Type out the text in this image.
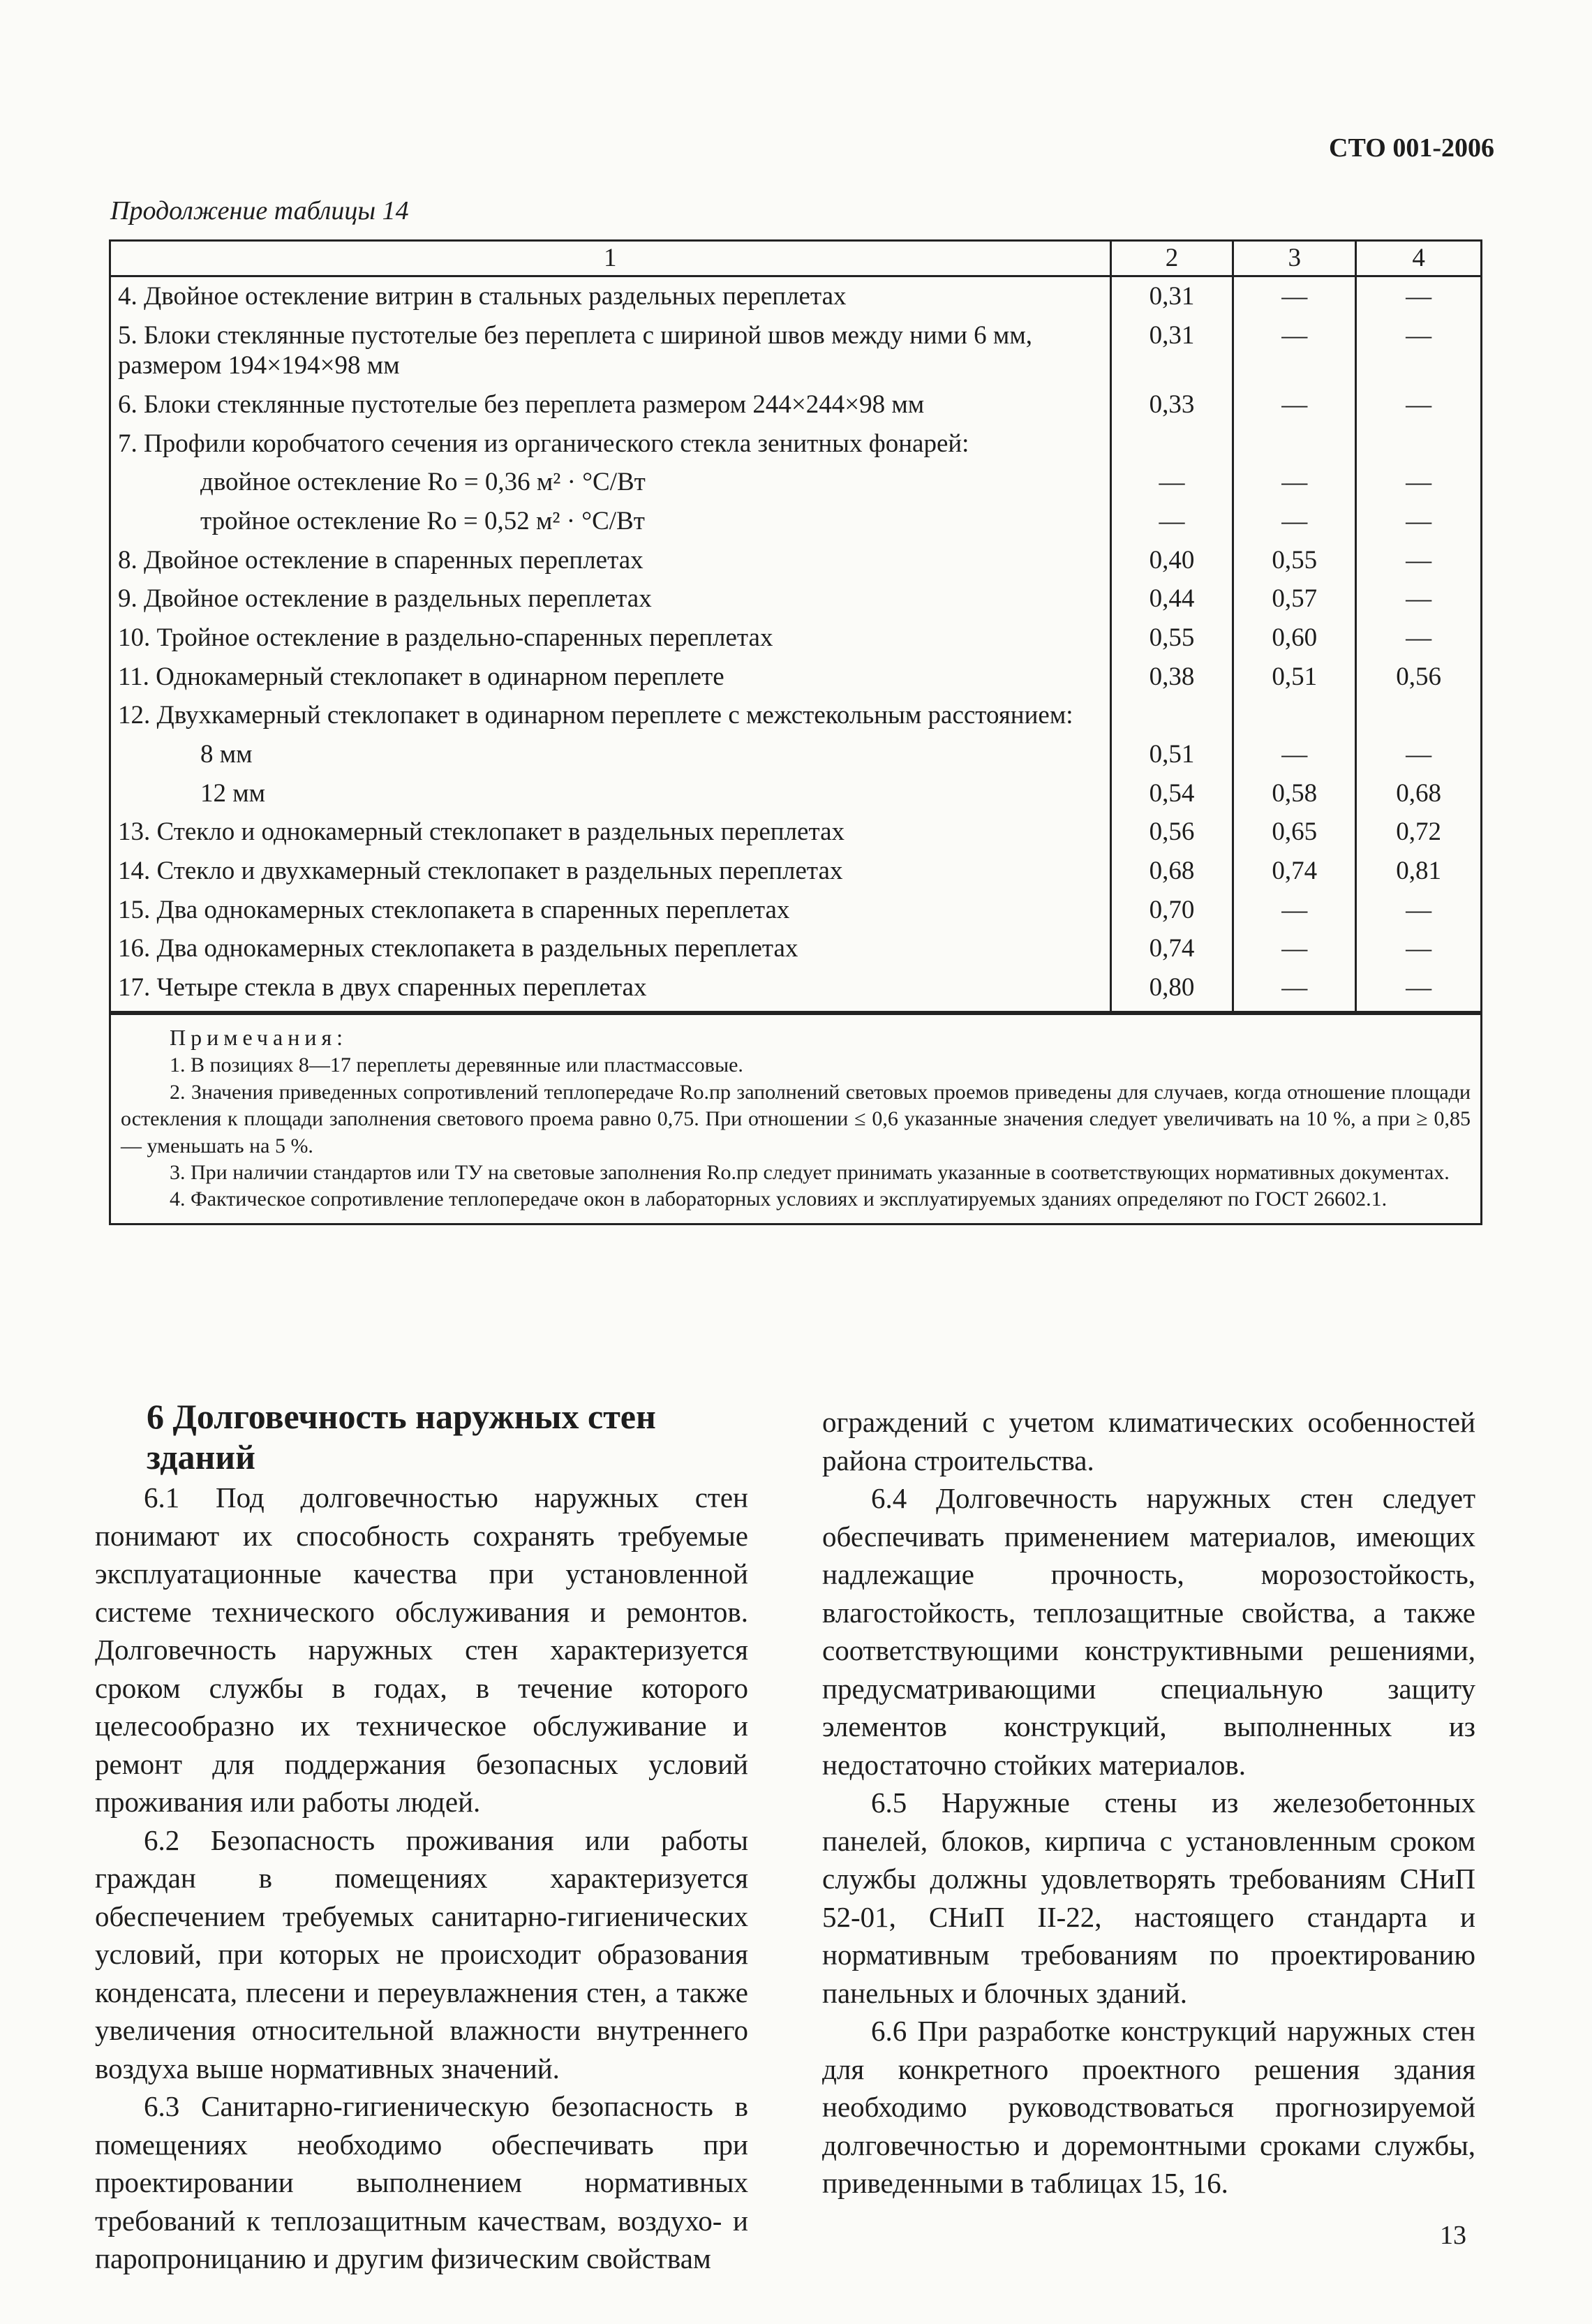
СТО 001-2006
Продолжение таблицы 14
1	2	3	4
4. Двойное остекление витрин в стальных раздельных переплетах	0,31	—	—
5. Блоки стеклянные пустотелые без переплета с шириной швов между ними 6 мм, размером 194×194×98 мм	0,31	—	—
6. Блоки стеклянные пустотелые без переплета размером 244×244×98 мм	0,33	—	—
7. Профили коробчатого сечения из органического стекла зенитных фонарей:			
двойное остекление Rо = 0,36 м² · °С/Вт	—	—	—
тройное остекление Rо = 0,52 м² · °С/Вт	—	—	—
8. Двойное остекление в спаренных переплетах	0,40	0,55	—
9. Двойное остекление в раздельных переплетах	0,44	0,57	—
10. Тройное остекление в раздельно-спаренных переплетах	0,55	0,60	—
11. Однокамерный стеклопакет в одинарном переплете	0,38	0,51	0,56
12. Двухкамерный стеклопакет в одинарном переплете с межстекольным расстоянием:			
8 мм	0,51	—	—
12 мм	0,54	0,58	0,68
13. Стекло и однокамерный стеклопакет в раздельных переплетах	0,56	0,65	0,72
14. Стекло и двухкамерный стеклопакет в раздельных переплетах	0,68	0,74	0,81
15. Два однокамерных стеклопакета в спаренных переплетах	0,70	—	—
16. Два однокамерных стеклопакета в раздельных переплетах	0,74	—	—
17. Четыре стекла в двух спаренных переплетах	0,80	—	—
Примечания:

1. В позициях 8—17 переплеты деревянные или пластмассовые.

2. Значения приведенных сопротивлений теплопередаче Rо.пр заполнений световых проемов приведены для случаев, когда отношение площади остекления к площади заполнения светового проема равно 0,75. При отношении ≤ 0,6 указанные значения следует увеличивать на 10 %, а при ≥ 0,85 — уменьшать на 5 %.

3. При наличии стандартов или ТУ на световые заполнения Rо.пр следует принимать указанные в соответствующих нормативных документах.

4. Фактическое сопротивление теплопередаче окон в лабораторных условиях и эксплуатируемых зданиях определяют по ГОСТ 26602.1.

6 Долговечность наружных стен зданий

6.1 Под долговечностью наружных стен понимают их способность сохранять требуемые эксплуатационные качества при установленной системе технического обслуживания и ремонтов. Долговечность наружных стен характеризуется сроком службы в годах, в течение которого целесообразно их техническое обслуживание и ремонт для поддержания безопасных условий проживания или работы людей.

6.2 Безопасность проживания или работы граждан в помещениях характеризуется обеспечением требуемых санитарно-гигиенических условий, при которых не происходит образования конденсата, плесени и переувлажнения стен, а также увеличения относительной влажности внутреннего воздуха выше нормативных значений.

6.3 Санитарно-гигиеническую безопасность в помещениях необходимо обеспечивать при проектировании выполнением нормативных требований к теплозащитным качествам, воздухо- и паропроницанию и другим физическим свойствам

ограждений с учетом климатических особенностей района строительства.

6.4 Долговечность наружных стен следует обеспечивать применением материалов, имеющих надлежащие прочность, морозостойкость, влагостойкость, теплозащитные свойства, а также соответствующими конструктивными решениями, предусматривающими специальную защиту элементов конструкций, выполненных из недостаточно стойких материалов.

6.5 Наружные стены из железобетонных панелей, блоков, кирпича с установленным сроком службы должны удовлетворять требованиям СНиП 52-01, СНиП II-22, настоящего стандарта и нормативным требованиям по проектированию панельных и блочных зданий.

6.6 При разработке конструкций наружных стен для конкретного проектного решения здания необходимо руководствоваться прогнозируемой долговечностью и доремонтными сроками службы, приведенными в таблицах 15, 16.

13
